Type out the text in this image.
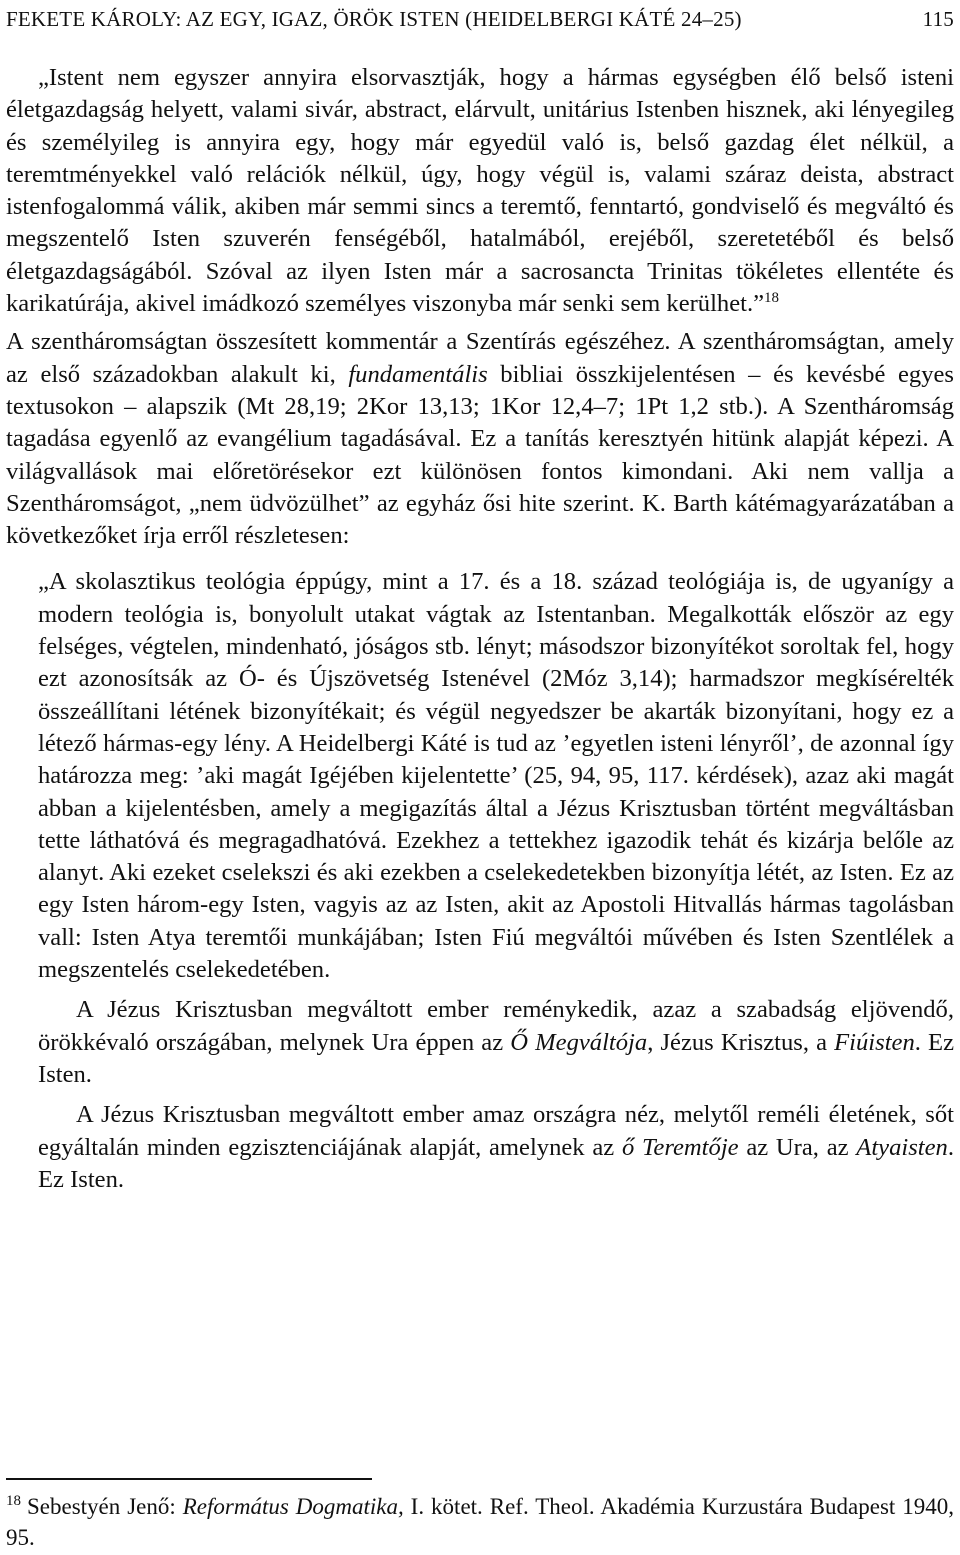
FEKETE KÁROLY: AZ EGY, IGAZ, ÖRÖK ISTEN (HEIDELBERGI KÁTÉ 24–25)	115

„Istent nem egyszer annyira elsorvasztják, hogy a hármas egységben élő belső isteni életgazdagság helyett, valami sivár, abstract, elárvult, unitárius Istenben hisznek, aki lényegileg és személyileg is annyira egy, hogy már egyedül való is, belső gazdag élet nélkül, a teremtményekkel való relációk nélkül, úgy, hogy végül is, valami száraz deista, abstract istenfogalommá válik, akiben már semmi sincs a teremtő, fenntartó, gondviselő és megváltó és megszentelő Isten szuverén fenségéből, hatalmából, erejéből, szeretetéből és belső életgazdagságából. Szóval az ilyen Isten már a sacrosancta Trinitas tökéletes ellentéte és karikatúrája, akivel imádkozó személyes viszonyba már senki sem kerülhet.”$^{18}$

A szentháromságtan összesített kommentár a Szentírás egészéhez. A szentháromságtan, amely az első századokban alakult ki, fundamentális bibliai összkijelentésen – és kevésbé egyes textusokon – alapszik (Mt 28,19; 2Kor 13,13; 1Kor 12,4–7; 1Pt 1,2 stb.). A Szentháromság tagadása egyenlő az evangélium tagadásával. Ez a tanítás keresztyén hitünk alapját képezi. A világvallások mai előretörésekor ezt különösen fontos kimondani. Aki nem vallja a Szentháromságot, „nem üdvözülhet” az egyház ősi hite szerint. K. Barth kátémagyarázatában a következőket írja erről részletesen:

„A skolasztikus teológia éppúgy, mint a 17. és a 18. század teológiája is, de ugyanígy a modern teológia is, bonyolult utakat vágtak az Istentanban. Megalkották először az egy felséges, végtelen, mindenható, jóságos stb. lényt; másodszor bizonyítékot soroltak fel, hogy ezt azonosítsák az Ó- és Újszövetség Istenével (2Móz 3,14); harmadszor megkísérelték összeállítani létének bizonyítékait; és végül negyedszer be akarták bizonyítani, hogy ez a létező hármas-egy lény. A Heidelbergi Káté is tud az ’egyetlen isteni lényről’, de azonnal így határozza meg: ’aki magát Igéjében kijelentette’ (25, 94, 95, 117. kérdések), azaz aki magát abban a kijelentésben, amely a megigazítás által a Jézus Krisztusban történt megváltásban tette láthatóvá és megragadhatóvá. Ezekhez a tettekhez igazodik tehát és kizárja belőle az alanyt. Aki ezeket cselekszi és aki ezekben a cselekedetekben bizonyítja létét, az Isten. Ez az egy Isten három-egy Isten, vagyis az az Isten, akit az Apostoli Hitvallás hármas tagolásban vall: Isten Atya teremtői munkájában; Isten Fiú megváltói művében és Isten Szentlélek a megszentelés cselekedetében.

A Jézus Krisztusban megváltott ember reménykedik, azaz a szabadság eljövendő, örökkévaló országában, melynek Ura éppen az Ő Megváltója, Jézus Krisztus, a Fiúisten. Ez Isten.

A Jézus Krisztusban megváltott ember amaz országra néz, melytől reméli életének, sőt egyáltalán minden egzisztenciájának alapját, amelynek az ő Teremtője az Ura, az Atyaisten. Ez Isten.

$^{18}$ Sebestyén Jenő: Református Dogmatika, I. kötet. Ref. Theol. Akadémia Kurzustára Budapest 1940, 95.
